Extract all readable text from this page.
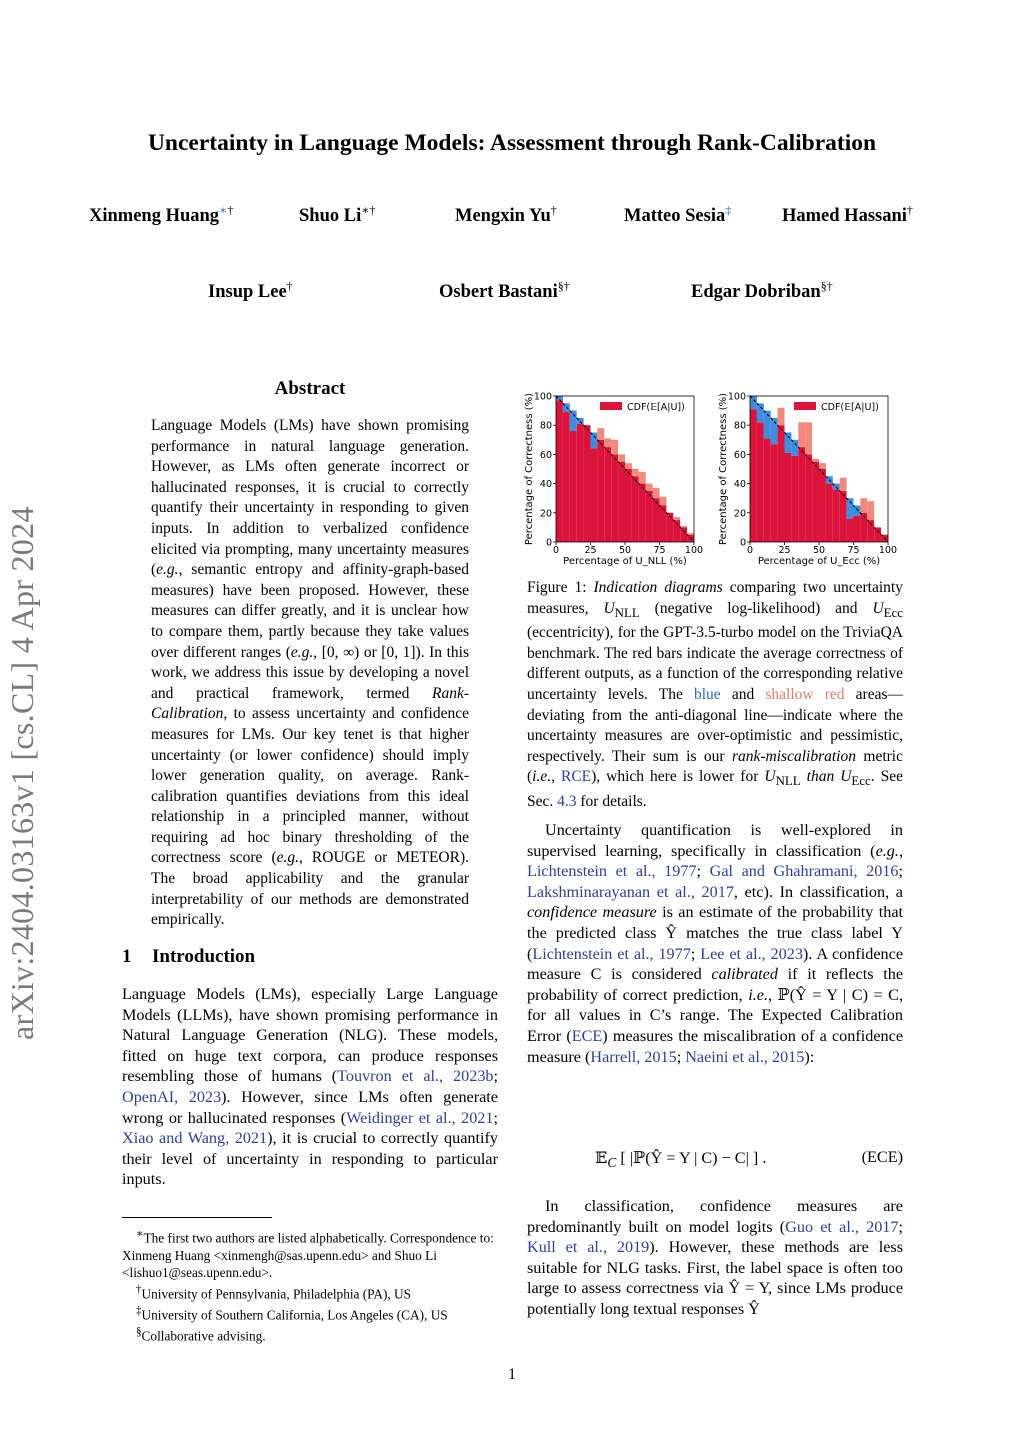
Uncertainty in Language Models: Assessment through Rank-Calibration
Xinmeng Huang∗†	Shuo Li∗†	Mengxin Yu†	Matteo Sesia‡	Hamed Hassani†
Insup Lee†	Osbert Bastani§†	Edgar Dobriban§†
arXiv:2404.03163v1 [cs.CL] 4 Apr 2024
Abstract
Language Models (LMs) have shown promising performance in natural language generation. However, as LMs often generate incorrect or hallucinated responses, it is crucial to correctly quantify their uncertainty in responding to given inputs. In addition to verbalized confidence elicited via prompting, many uncertainty measures (e.g., semantic entropy and affinity-graph-based measures) have been proposed. However, these measures can differ greatly, and it is unclear how to compare them, partly because they take values over different ranges (e.g., [0, ∞) or [0, 1]). In this work, we address this issue by developing a novel and practical framework, termed Rank-Calibration, to assess uncertainty and confidence measures for LMs. Our key tenet is that higher uncertainty (or lower confidence) should imply lower generation quality, on average. Rank-calibration quantifies deviations from this ideal relationship in a principled manner, without requiring ad hoc binary thresholding of the correctness score (e.g., ROUGE or METEOR). The broad applicability and the granular interpretability of our methods are demonstrated empirically.
1 Introduction
Language Models (LMs), especially Large Language Models (LLMs), have shown promising performance in Natural Language Generation (NLG). These models, fitted on huge text corpora, can produce responses resembling those of humans (Touvron et al., 2023b; OpenAI, 2023). However, since LMs often generate wrong or hallucinated responses (Weidinger et al., 2021; Xiao and Wang, 2021), it is crucial to correctly quantify their level of uncertainty in responding to particular inputs.

∗The first two authors are listed alphabetically. Correspondence to: Xinmeng Huang <xinmengh@sas.upenn.edu> and Shuo Li <lishuo1@seas.upenn.edu>.

†University of Pennsylvania, Philadelphia (PA), US

‡University of Southern California, Los Angeles (CA), US

§Collaborative advising.

0	25 50 75 100
0
20
40
60
80
100
Percentage of U_NLL (%)
Percentage of Correctness (%)	CDF(𝔼[A|U])
0	25 50 75 100
0
20
40
60
80
100
Percentage of U_Ecc (%)
Percentage of Correctness (%)	CDF(𝔼[A|U])
Figure 1: Indication diagrams comparing two uncertainty measures, $U_{NLL}$ (negative log-likelihood) and $U_{Ecc}$ (eccentricity), for the GPT-3.5-turbo model on the TriviaQA benchmark. The red bars indicate the average correctness of different outputs, as a function of the corresponding relative uncertainty levels. The blue and shallow red areas—deviating from the anti-diagonal line—indicate where the uncertainty measures are over-optimistic and pessimistic, respectively. Their sum is our rank-miscalibration metric (i.e., RCE), which here is lower for $U_{NLL}$ than $U_{Ecc}$. See Sec. 4.3 for details.
Uncertainty quantification is well-explored in supervised learning, specifically in classification (e.g., Lichtenstein et al., 1977; Gal and Ghahramani, 2016; Lakshminarayanan et al., 2017, etc). In classification, a confidence measure is an estimate of the probability that the predicted class Ŷ matches the true class label Y (Lichtenstein et al., 1977; Lee et al., 2023). A confidence measure C is considered calibrated if it reflects the probability of correct prediction, i.e., ℙ(Ŷ = Y | C) = C, for all values in C’s range. The Expected Calibration Error (ECE) measures the miscalibration of a confidence measure (Harrell, 2015; Naeini et al., 2015):
𝔼$_C$ [ |ℙ(Ŷ = Y | C) − C| ] .	(ECE)
In classification, confidence measures are predominantly built on model logits (Guo et al., 2017; Kull et al., 2019). However, these methods are less suitable for NLG tasks. First, the label space is often too large to assess correctness via Ŷ = Y, since LMs produce potentially long textual responses Ŷ
1
